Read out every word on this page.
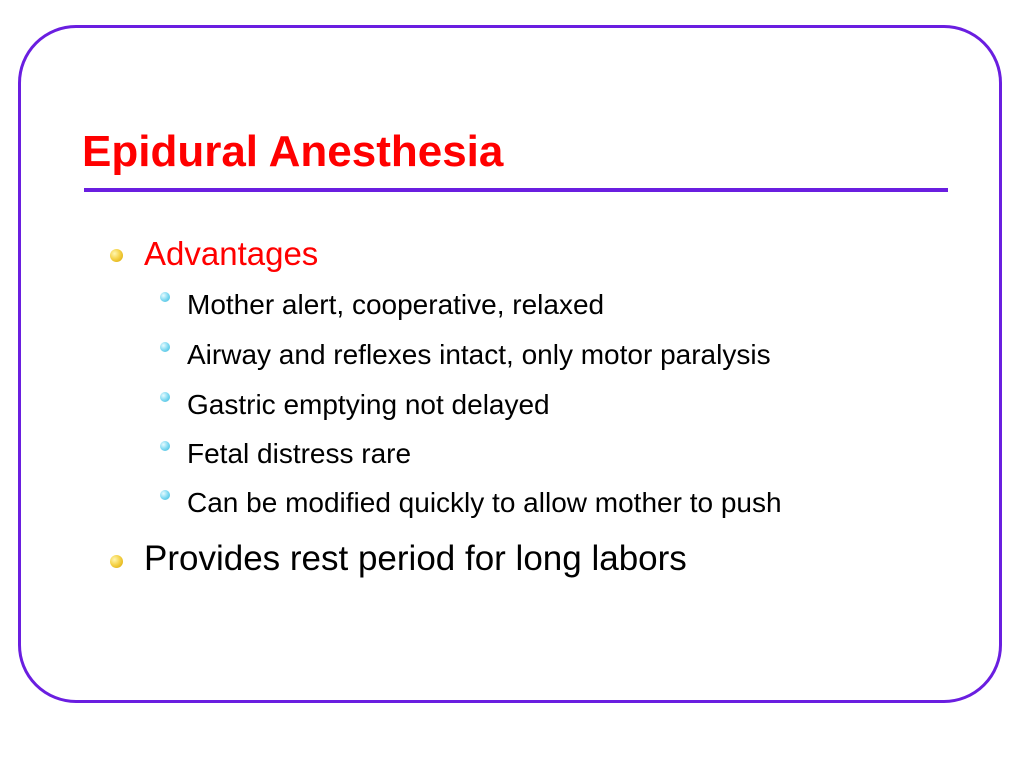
Epidural Anesthesia
Advantages
Mother alert, cooperative, relaxed
Airway and reflexes intact, only motor paralysis
Gastric emptying not delayed
Fetal distress rare
Can be modified quickly to allow mother to push
Provides rest period for long labors
